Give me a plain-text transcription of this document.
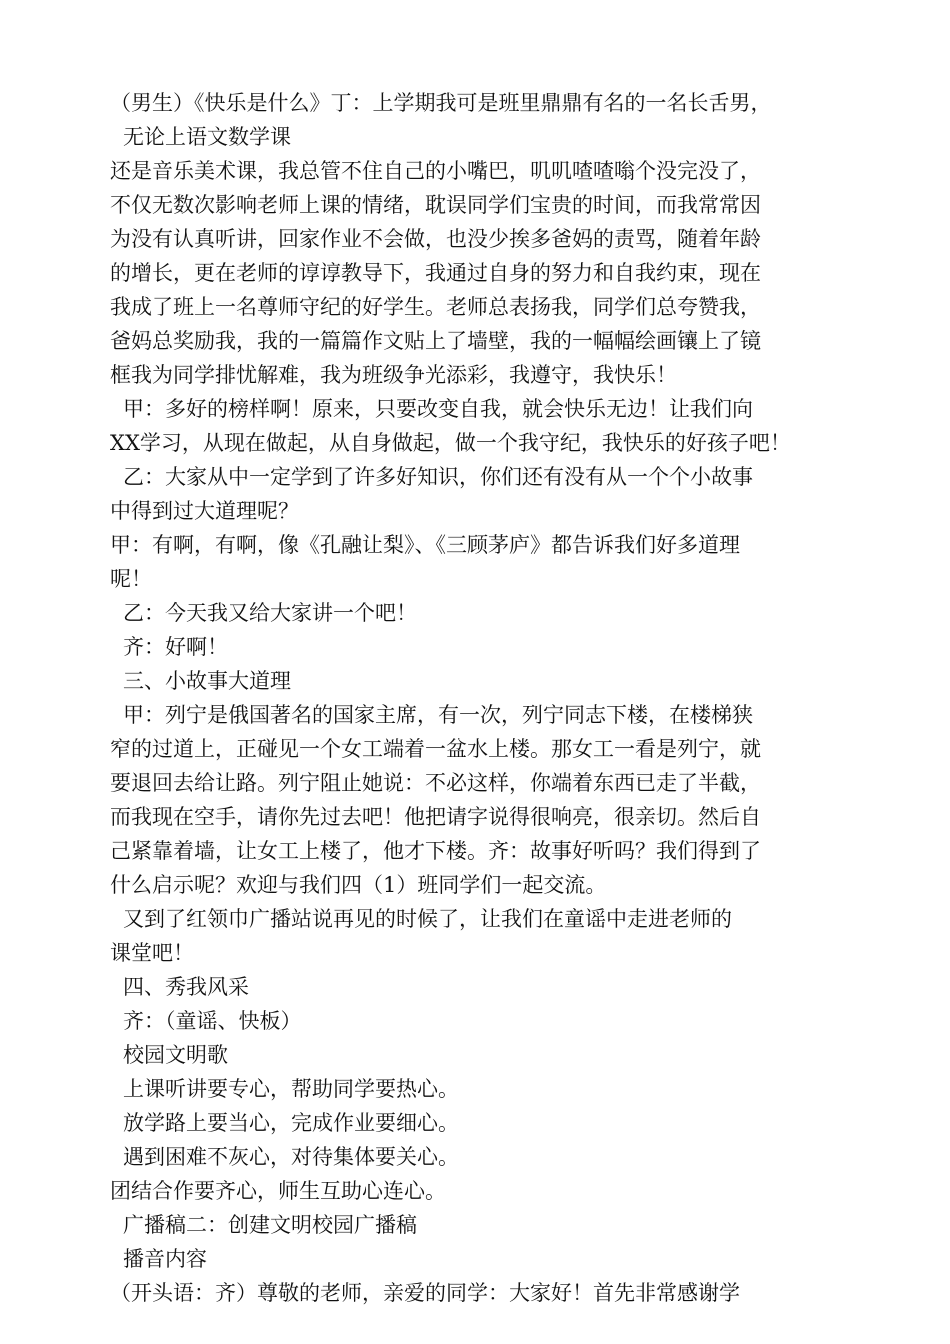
（男生）《快乐是什么》丁：上学期我可是班里鼎鼎有名的一名长舌男，
无论上语文数学课
还是音乐美术课，我总管不住自己的小嘴巴，叽叽喳喳嗡个没完没了，
不仅无数次影响老师上课的情绪，耽误同学们宝贵的时间，而我常常因
为没有认真听讲，回家作业不会做，也没少挨多爸妈的责骂，随着年龄
的增长，更在老师的谆谆教导下，我通过自身的努力和自我约束，现在
我成了班上一名尊师守纪的好学生。老师总表扬我，同学们总夸赞我，
爸妈总奖励我，我的一篇篇作文贴上了墙壁，我的一幅幅绘画镶上了镜
框我为同学排忧解难，我为班级争光添彩，我遵守，我快乐！
甲：多好的榜样啊！原来，只要改变自我，就会快乐无边！让我们向
XX学习，从现在做起，从自身做起，做一个我守纪，我快乐的好孩子吧！
乙：大家从中一定学到了许多好知识，你们还有没有从一个个小故事
中得到过大道理呢？
甲：有啊，有啊，像《孔融让梨》、《三顾茅庐》都告诉我们好多道理
呢！
乙：今天我又给大家讲一个吧！
齐：好啊！
三、小故事大道理
甲：列宁是俄国著名的国家主席，有一次，列宁同志下楼，在楼梯狭
窄的过道上，正碰见一个女工端着一盆水上楼。那女工一看是列宁，就
要退回去给让路。列宁阻止她说：不必这样，你端着东西已走了半截，
而我现在空手，请你先过去吧！他把请字说得很响亮，很亲切。然后自
己紧靠着墙，让女工上楼了，他才下楼。齐：故事好听吗？我们得到了
什么启示呢？欢迎与我们四（1）班同学们一起交流。
又到了红领巾广播站说再见的时候了，让我们在童谣中走进老师的
课堂吧！
四、秀我风采
齐：（童谣、快板）
校园文明歌
上课听讲要专心，帮助同学要热心。
放学路上要当心，完成作业要细心。
遇到困难不灰心，对待集体要关心。
团结合作要齐心，师生互助心连心。
广播稿二：创建文明校园广播稿
播音内容
（开头语：齐）尊敬的老师，亲爱的同学：大家好！首先非常感谢学
